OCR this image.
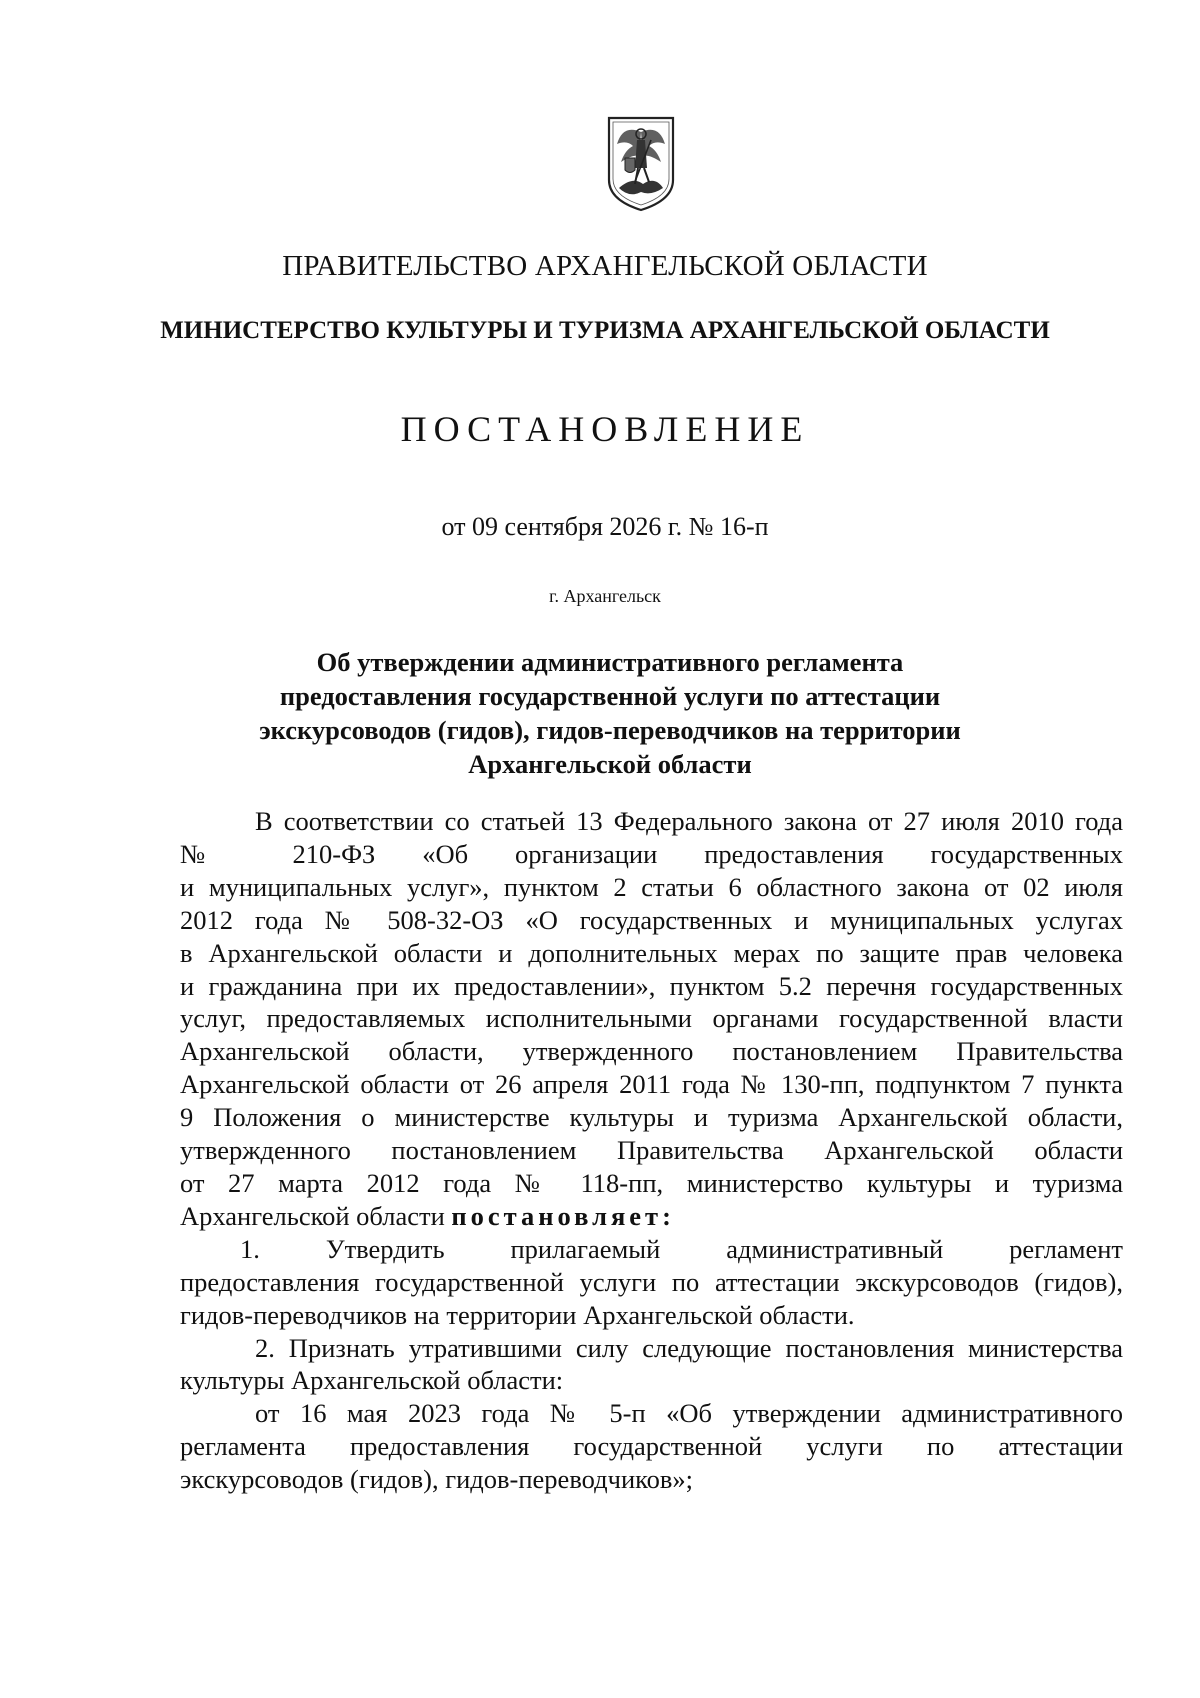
ПРАВИТЕЛЬСТВО АРХАНГЕЛЬСКОЙ ОБЛАСТИ
МИНИСТЕРСТВО КУЛЬТУРЫ И ТУРИЗМА АРХАНГЕЛЬСКОЙ ОБЛАСТИ
ПОСТАНОВЛЕНИЕ
от 09 сентября 2026 г. № 16-п
г. Архангельск
Об утверждении административного регламента
предоставления государственной услуги по аттестации
экскурсоводов (гидов), гидов-переводчиков на территории
Архангельской области
В соответствии со статьей 13 Федерального закона от 27 июля 2010 года
№ 210-ФЗ «Об организации предоставления государственных
и муниципальных услуг», пунктом 2 статьи 6 областного закона от 02 июля
2012 года № 508-32-ОЗ «О государственных и муниципальных услугах
в Архангельской области и дополнительных мерах по защите прав человека
и гражданина при их предоставлении», пунктом 5.2 перечня государственных
услуг, предоставляемых исполнительными органами государственной власти
Архангельской области, утвержденного постановлением Правительства
Архангельской области от 26 апреля 2011 года № 130-пп, подпунктом 7 пункта
9 Положения о министерстве культуры и туризма Архангельской области,
утвержденного постановлением Правительства Архангельской области
от 27 марта 2012 года № 118-пп, министерство культуры и туризма
Архангельской области постановляет:
1. Утвердить прилагаемый административный регламент
предоставления государственной услуги по аттестации экскурсоводов (гидов),
гидов-переводчиков на территории Архангельской области.
2. Признать утратившими силу следующие постановления министерства
культуры Архангельской области:
от 16 мая 2023 года № 5-п «Об утверждении административного
регламента предоставления государственной услуги по аттестации
экскурсоводов (гидов), гидов-переводчиков»;
